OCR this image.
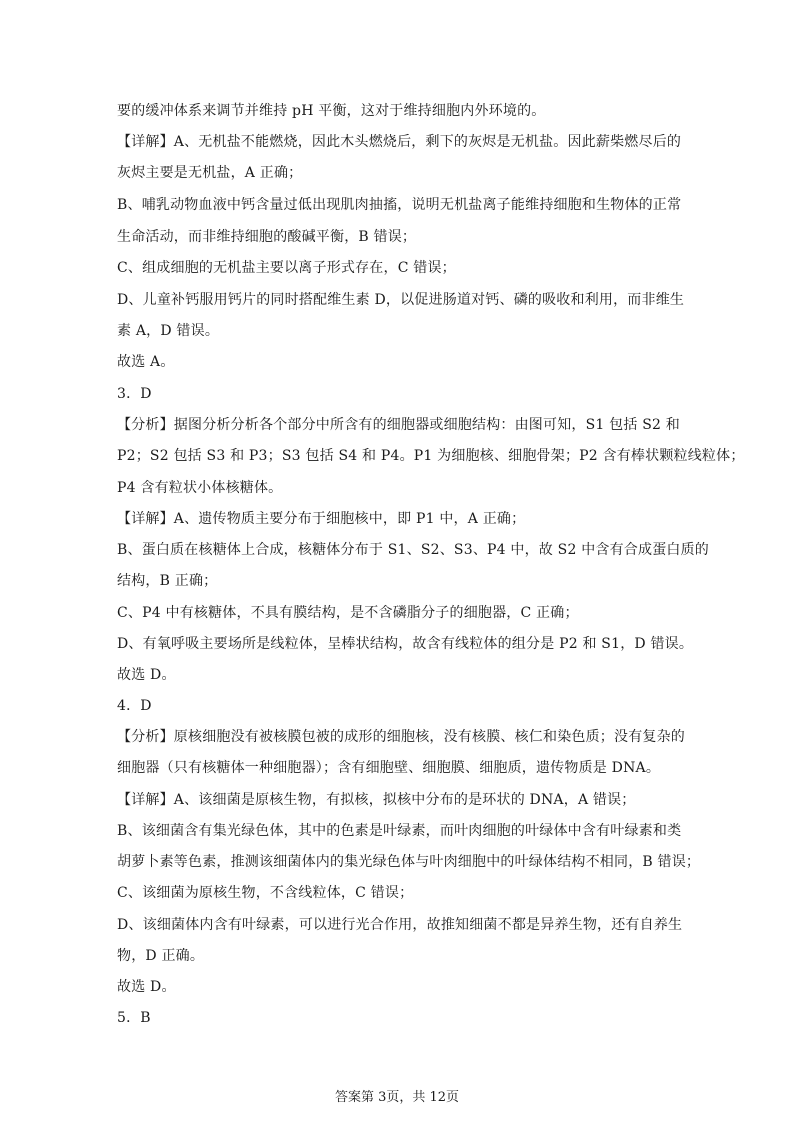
要的缓冲体系来调节并维持 pH 平衡，这对于维持细胞内外环境的。
【详解】A、无机盐不能燃烧，因此木头燃烧后，剩下的灰烬是无机盐。因此薪柴燃尽后的
灰烬主要是无机盐，A 正确；
B、哺乳动物血液中钙含量过低出现肌肉抽搐，说明无机盐离子能维持细胞和生物体的正常
生命活动，而非维持细胞的酸碱平衡，B 错误；
C、组成细胞的无机盐主要以离子形式存在，C 错误；
D、儿童补钙服用钙片的同时搭配维生素 D，以促进肠道对钙、磷的吸收和利用，而非维生
素 A，D 错误。
故选 A。
3．D
【分析】据图分析分析各个部分中所含有的细胞器或细胞结构：由图可知，S1 包括 S2 和
P2；S2 包括 S3 和 P3；S3 包括 S4 和 P4。P1 为细胞核、细胞骨架；P2 含有棒状颗粒线粒体；
P4 含有粒状小体核糖体。
【详解】A、遗传物质主要分布于细胞核中，即 P1 中，A 正确；
B、蛋白质在核糖体上合成，核糖体分布于 S1、S2、S3、P4 中，故 S2 中含有合成蛋白质的
结构，B 正确；
C、P4 中有核糖体，不具有膜结构，是不含磷脂分子的细胞器，C 正确；
D、有氧呼吸主要场所是线粒体，呈棒状结构，故含有线粒体的组分是 P2 和 S1，D 错误。
故选 D。
4．D
【分析】原核细胞没有被核膜包被的成形的细胞核，没有核膜、核仁和染色质；没有复杂的
细胞器（只有核糖体一种细胞器）；含有细胞壁、细胞膜、细胞质，遗传物质是 DNA。
【详解】A、该细菌是原核生物，有拟核，拟核中分布的是环状的 DNA，A 错误；
B、该细菌含有集光绿色体，其中的色素是叶绿素，而叶肉细胞的叶绿体中含有叶绿素和类
胡萝卜素等色素，推测该细菌体内的集光绿色体与叶肉细胞中的叶绿体结构不相同，B 错误；
C、该细菌为原核生物，不含线粒体，C 错误；
D、该细菌体内含有叶绿素，可以进行光合作用，故推知细菌不都是异养生物，还有自养生
物，D 正确。
故选 D。
5．B
答案第 3页，共 12页
